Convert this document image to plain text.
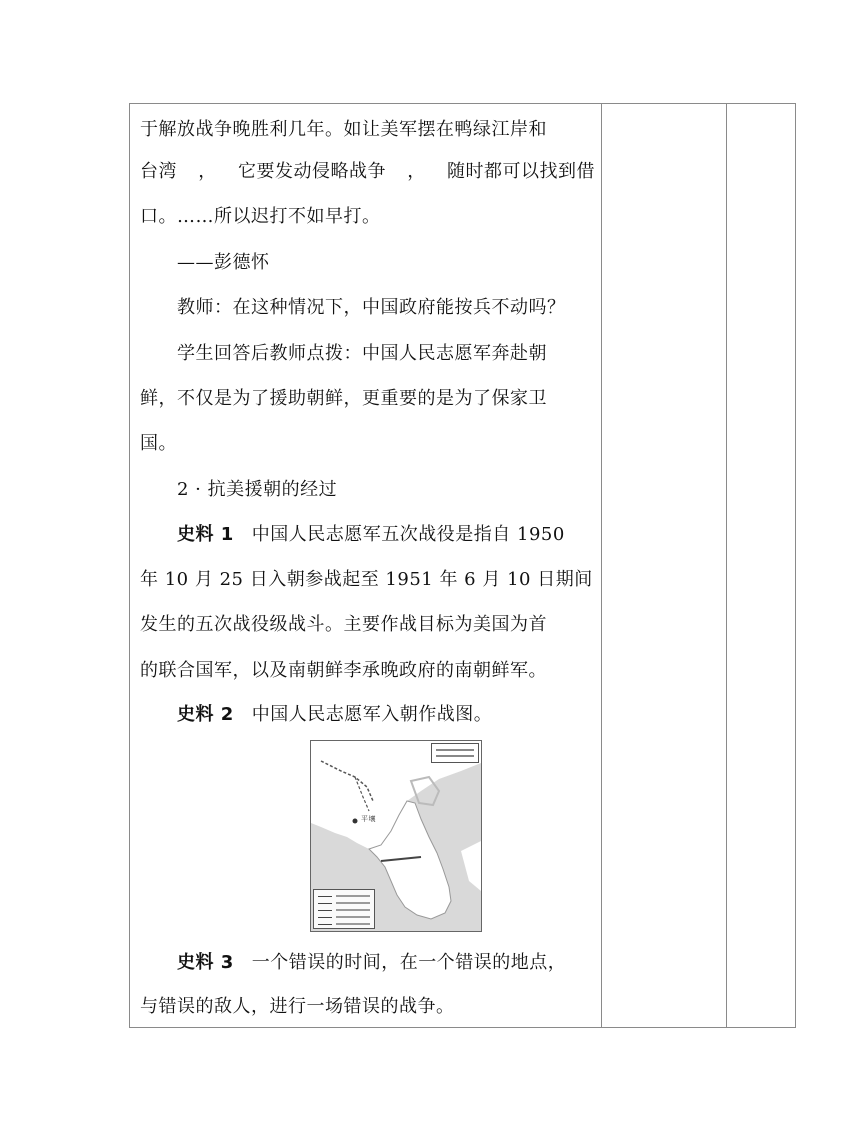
于解放战争晚胜利几年。如让美军摆在鸭绿江岸和
台湾 ， 它要发动侵略战争 ， 随时都可以找到借
口。……所以迟打不如早打。
——彭德怀
教师：在这种情况下，中国政府能按兵不动吗？
学生回答后教师点拨：中国人民志愿军奔赴朝
鲜，不仅是为了援助朝鲜，更重要的是为了保家卫
国。
2 · 抗美援朝的经过
史料 1 中国人民志愿军五次战役是指自 1950
年 10 月 25 日入朝参战起至 1951 年 6 月 10 日期间
发生的五次战役级战斗。主要作战目标为美国为首
的联合国军，以及南朝鲜李承晚政府的南朝鲜军。
史料 2 中国人民志愿军入朝作战图。
平壤
史料 3 一个错误的时间，在一个错误的地点，
与错误的敌人，进行一场错误的战争。
